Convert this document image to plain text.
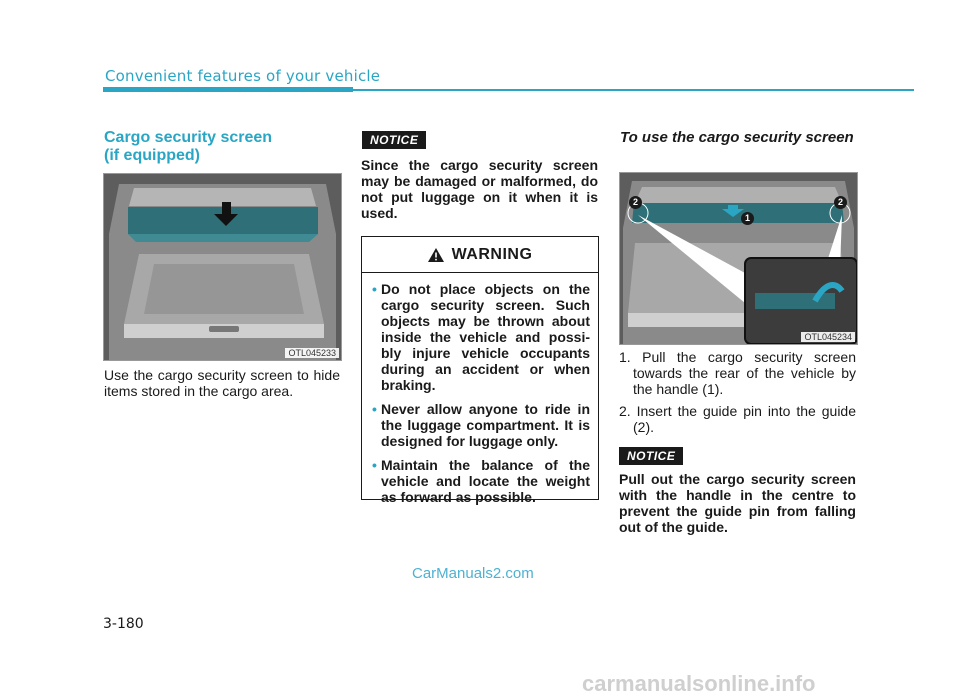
Convenient features of your vehicle
Cargo security screen
(if equipped)
OTL045233
Use the cargo security screen to hide items stored in the cargo area.
NOTICE
Since the cargo security screen may be damaged or malformed, do not put luggage on it when it is used.
WARNING
• Do not place objects on the cargo security screen. Such objects may be thrown about inside the vehicle and possi-bly injure vehicle occupants during an accident or when braking.
• Never allow anyone to ride in the luggage compartment. It is designed for luggage only.
• Maintain the balance of the vehicle and locate the weight as forward as possible.
To use the cargo security screen
2	2
1
OTL045234
1. Pull the cargo security screen towards the rear of the vehicle by the handle (1).
2. Insert the guide pin into the guide (2).
NOTICE
Pull out the cargo security screen with the handle in the centre to prevent the guide pin from falling out of the guide.
CarManuals2.com
3-180
carmanualsonline.info
